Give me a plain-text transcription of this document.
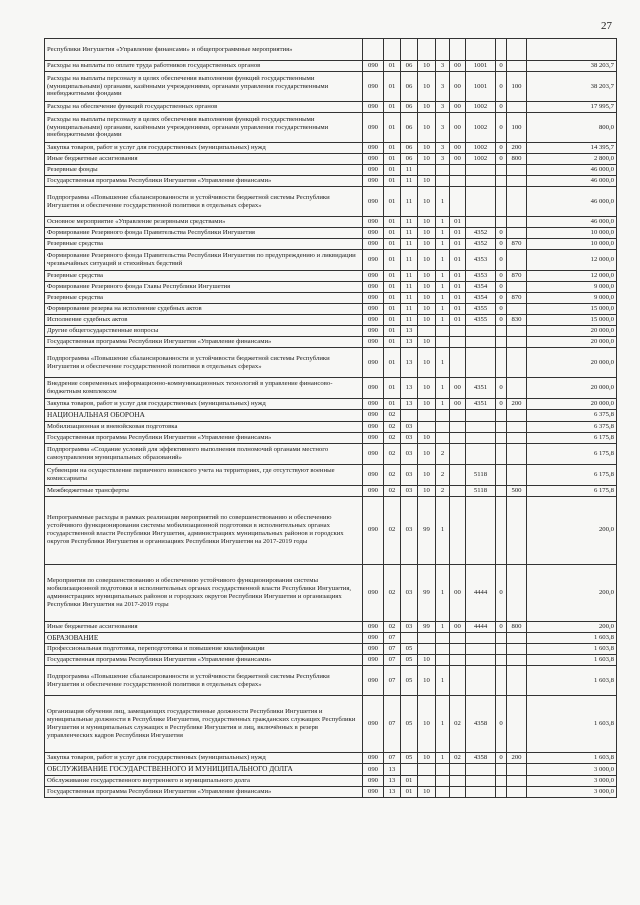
27
Республики Ингушетия «Управление финансами» и общепрограммные мероприятия»										
Расходы на выплаты по оплате труда работников государственных органов	090	01	06	10	3	00	1001	0		38 203,7
Расходы на выплаты персоналу в целях обеспечения выполнения функций государственными (муниципальными) органами, казёнными учреждениями, органами управления государственными внебюджетными фондами	090	01	06	10	3	00	1001	0	100	38 203,7
Расходы на обеспечение функций государственных органов	090	01	06	10	3	00	1002	0		17 995,7
Расходы на выплаты персоналу в целях обеспечения выполнения функций государственными (муниципальными) органами, казёнными учреждениями, органами управления государственными внебюджетными фондами	090	01	06	10	3	00	1002	0	100	800,0
Закупка товаров, работ и услуг для государственных (муниципальных) нужд	090	01	06	10	3	00	1002	0	200	14 395,7
Иные бюджетные ассигнования	090	01	06	10	3	00	1002	0	800	2 800,0
Резервные фонды	090	01	11							46 000,0
Государственная программа Республики Ингушетия «Управление финансами»	090	01	11	10						46 000,0
Подпрограмма «Повышение сбалансированности и устойчивости бюджетной системы Республики Ингушетия и обеспечение государственной политики в отдельных сферах»	090	01	11	10	1					46 000,0
Основное мероприятие «Управление резервными средствами»	090	01	11	10	1	01				46 000,0
Формирование Резервного фонда Правительства Республики Ингушетия	090	01	11	10	1	01	4352	0		10 000,0
Резервные средства	090	01	11	10	1	01	4352	0	870	10 000,0
Формирование Резервного фонда Правительства Республики Ингушетия по предупреждению и ликвидации чрезвычайных ситуаций и стихийных бедствий	090	01	11	10	1	01	4353	0		12 000,0
Резервные средства	090	01	11	10	1	01	4353	0	870	12 000,0
Формирование Резервного фонда Главы Республики Ингушетия	090	01	11	10	1	01	4354	0		9 000,0
Резервные средства	090	01	11	10	1	01	4354	0	870	9 000,0
Формирование резерва на исполнение судебных актов	090	01	11	10	1	01	4355	0		15 000,0
Исполнение судебных актов	090	01	11	10	1	01	4355	0	830	15 000,0
Другие общегосударственные вопросы	090	01	13							20 000,0
Государственная программа Республики Ингушетия «Управление финансами»	090	01	13	10						20 000,0
Подпрограмма «Повышение сбалансированности и устойчивости бюджетной системы Республики Ингушетия и обеспечение государственной политики в отдельных сферах»	090	01	13	10	1					20 000,0
Внедрение современных информационно-коммуникационных технологий в управление финансово-бюджетным комплексом	090	01	13	10	1	00	4351	0		20 000,0
Закупка товаров, работ и услуг для государственных (муниципальных) нужд	090	01	13	10	1	00	4351	0	200	20 000,0
НАЦИОНАЛЬНАЯ ОБОРОНА	090	02								6 375,8
Мобилизационная и вневойсковая подготовка	090	02	03							6 375,8
Государственная программа Республики Ингушетия «Управление финансами»	090	02	03	10						6 175,8
Подпрограмма «Создание условий для эффективного выполнения полномочий органами местного самоуправления муниципальных образований»	090	02	03	10	2					6 175,8
Субвенции на осуществление первичного воинского учета на территориях, где отсутствуют военные комиссариаты	090	02	03	10	2		5118			6 175,8
Межбюджетные трансферты	090	02	03	10	2		5118		500	6 175,8
Непрограммные расходы в рамках реализации мероприятий по совершенствованию и обеспечению устойчивого функционирования системы мобилизационной подготовки в исполнительных органах государственной власти Республики Ингушетия, администрациях муниципальных районов и городских округов Республики Ингушетия и организациях Республики Ингушетия на 2017-2019 годы	090	02	03	99	1					200,0
Мероприятия по совершенствованию и обеспечению устойчивого функционирования системы мобилизационной подготовки в исполнительных органах государственной власти Республики Ингушетия, администрациях муниципальных районов и городских округов Республики Ингушетия и организациях Республики Ингушетия на 2017-2019 годы	090	02	03	99	1	00	4444	0		200,0
Иные бюджетные ассигнования	090	02	03	99	1	00	4444	0	800	200,0
ОБРАЗОВАНИЕ	090	07								1 603,8
Профессиональная подготовка, переподготовка и повышение квалификации	090	07	05							1 603,8
Государственная программа Республики Ингушетия «Управление финансами»	090	07	05	10						1 603,8
Подпрограмма «Повышение сбалансированности и устойчивости бюджетной системы Республики Ингушетия и обеспечение государственной политики в отдельных сферах»	090	07	05	10	1					1 603,8
Организация обучения лиц, замещающих государственные должности Республики Ингушетия и муниципальные должности в Республике Ингушетия, государственных гражданских служащих Республики Ингушетия и муниципальных служащих в Республике Ингушетия и лиц, включённых в резерв управленческих кадров Республики Ингушетия	090	07	05	10	1	02	4358	0		1 603,8
Закупка товаров, работ и услуг для государственных (муниципальных) нужд	090	07	05	10	1	02	4358	0	200	1 603,8
ОБСЛУЖИВАНИЕ ГОСУДАРСТВЕННОГО И МУНИЦИПАЛЬНОГО ДОЛГА	090	13								3 000,0
Обслуживание государственного внутреннего и муниципального долга	090	13	01							3 000,0
Государственная программа Республики Ингушетия «Управление финансами»	090	13	01	10						3 000,0
